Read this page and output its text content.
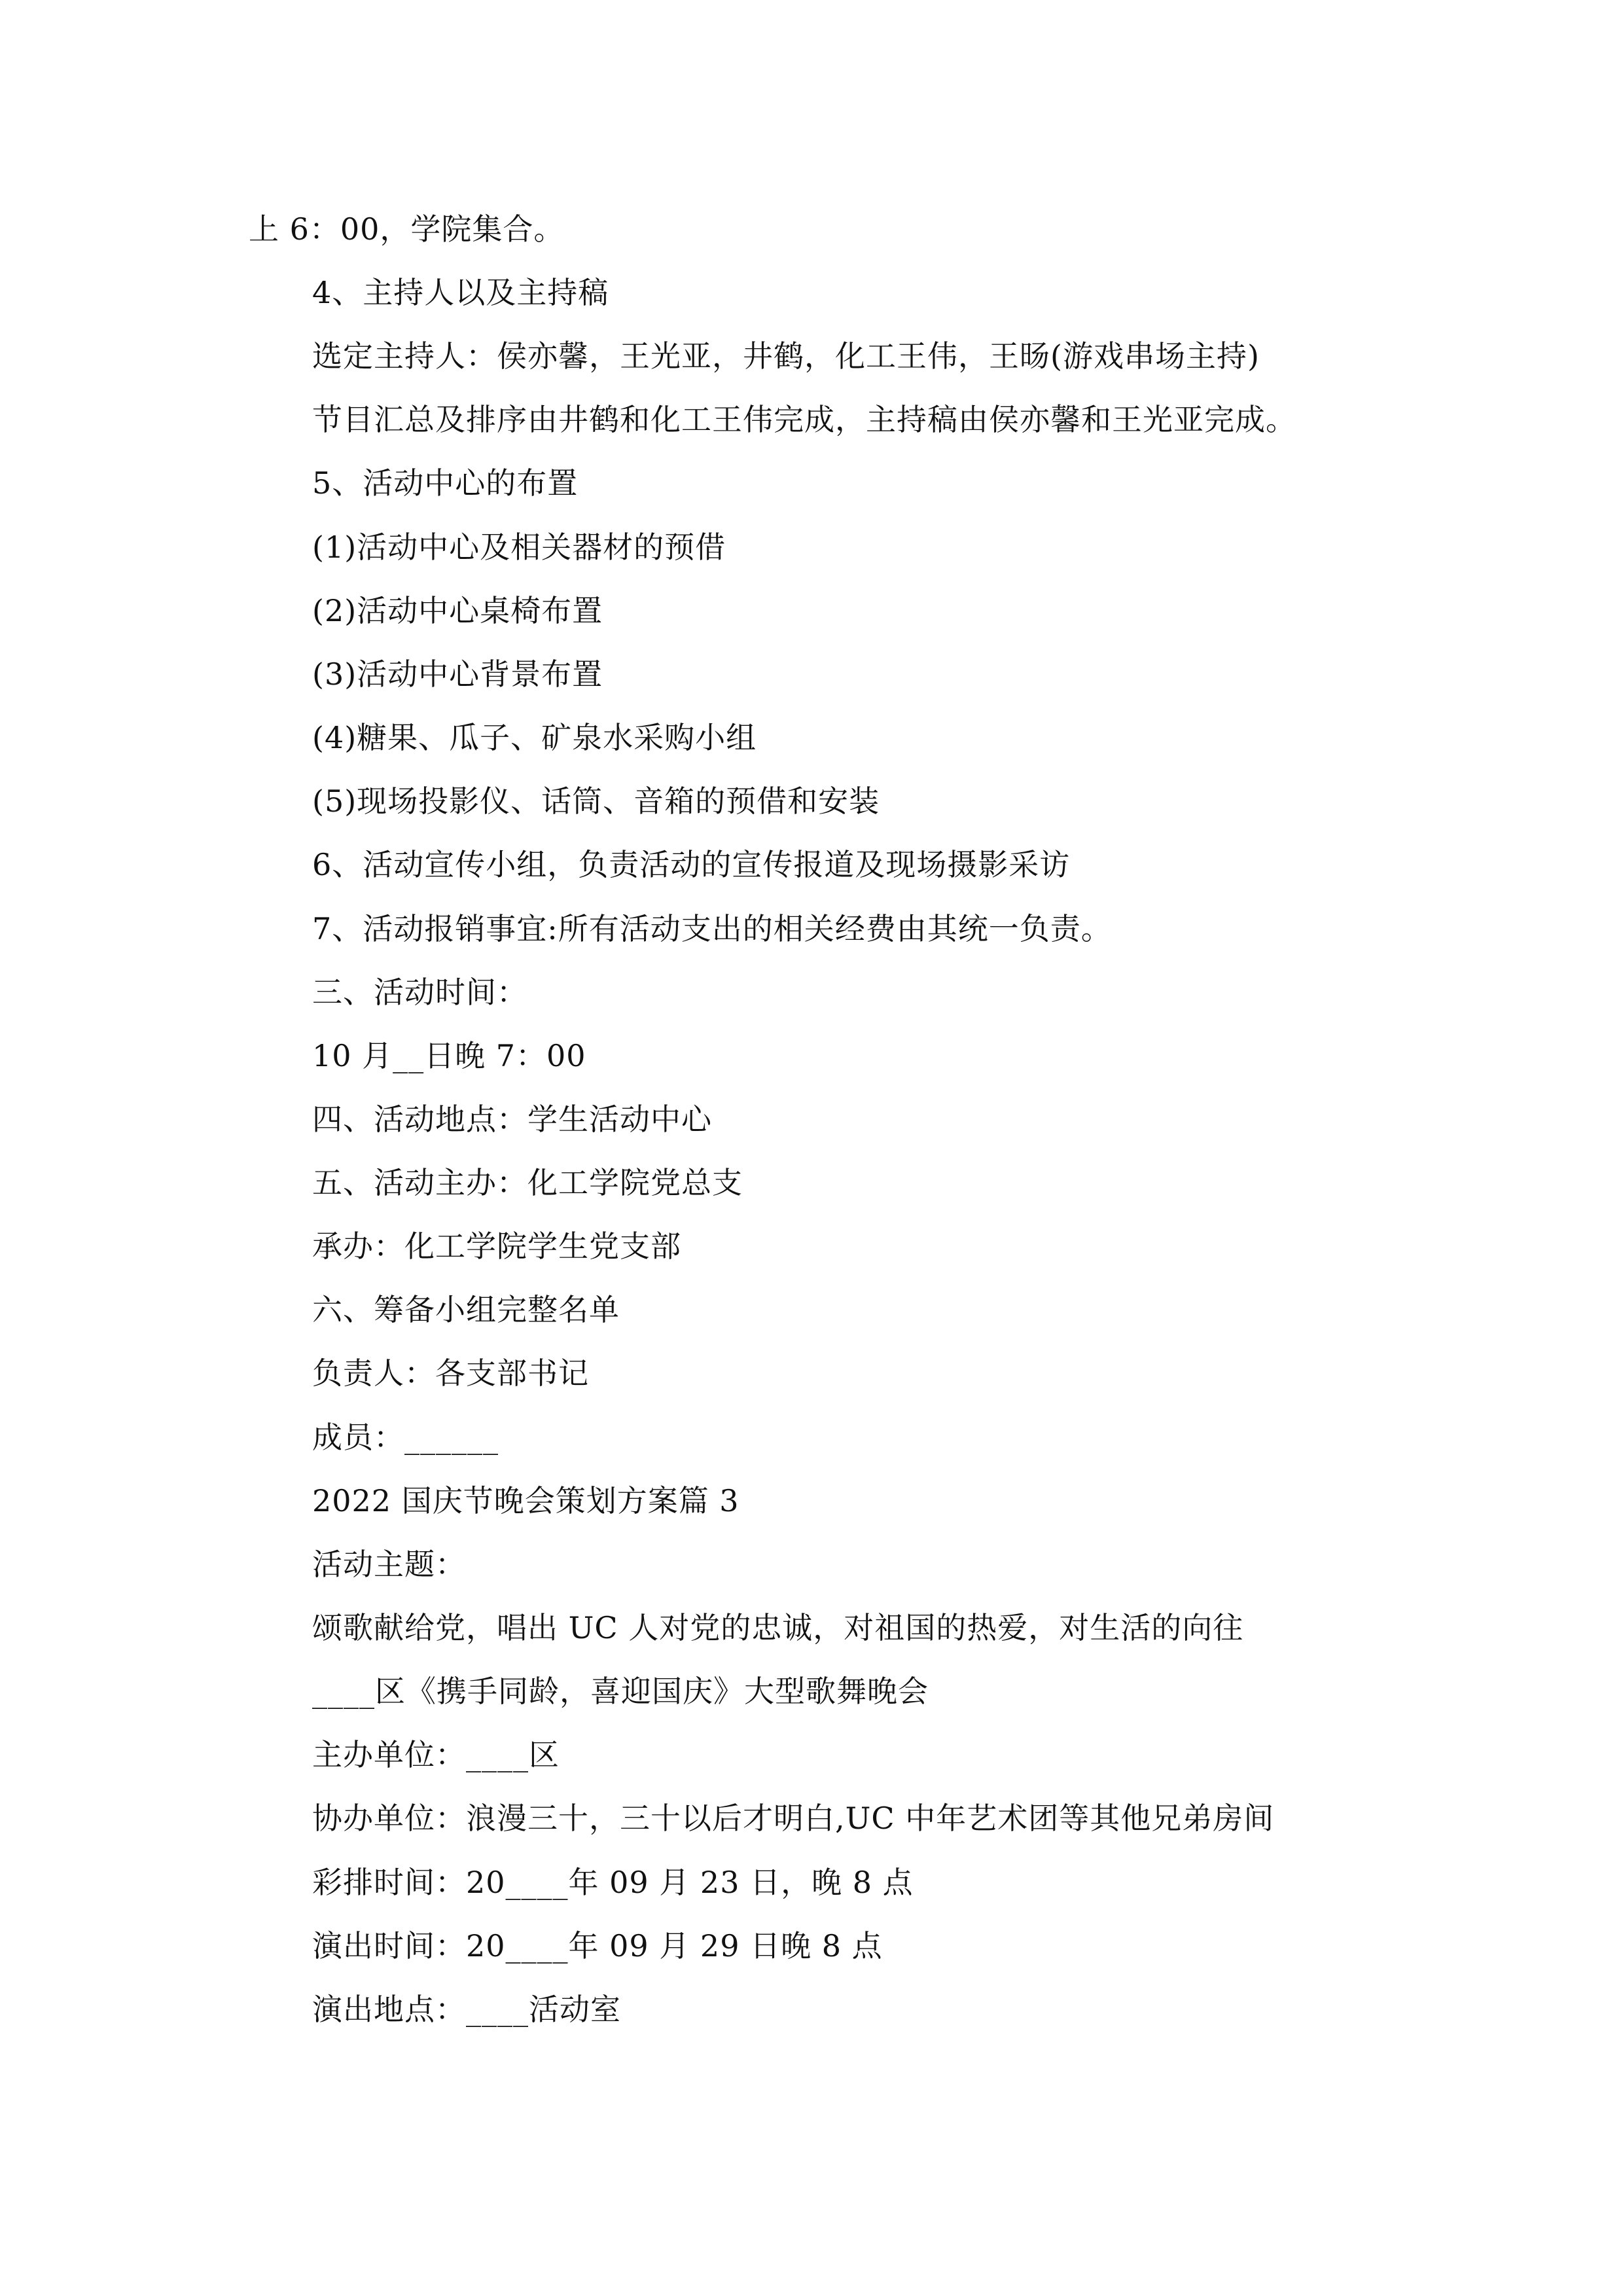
上 6：00，学院集合。
4、主持人以及主持稿
选定主持人：侯亦馨，王光亚，井鹤，化工王伟，王旸(游戏串场主持)
节目汇总及排序由井鹤和化工王伟完成，主持稿由侯亦馨和王光亚完成。
5、活动中心的布置
(1)活动中心及相关器材的预借
(2)活动中心桌椅布置
(3)活动中心背景布置
(4)糖果、瓜子、矿泉水采购小组
(5)现场投影仪、话筒、音箱的预借和安装
6、活动宣传小组，负责活动的宣传报道及现场摄影采访
7、活动报销事宜:所有活动支出的相关经费由其统一负责。
三、活动时间：
10 月__日晚 7：00
四、活动地点：学生活动中心
五、活动主办：化工学院党总支
承办：化工学院学生党支部
六、筹备小组完整名单
负责人：各支部书记
成员：______
2022 国庆节晚会策划方案篇 3
活动主题：
颂歌献给党，唱出 UC 人对党的忠诚，对祖国的热爱，对生活的向往
____区《携手同龄，喜迎国庆》大型歌舞晚会
主办单位：____区
协办单位：浪漫三十，三十以后才明白,UC 中年艺术团等其他兄弟房间
彩排时间：20____年 09 月 23 日，晚 8 点
演出时间：20____年 09 月 29 日晚 8 点
演出地点：____活动室
